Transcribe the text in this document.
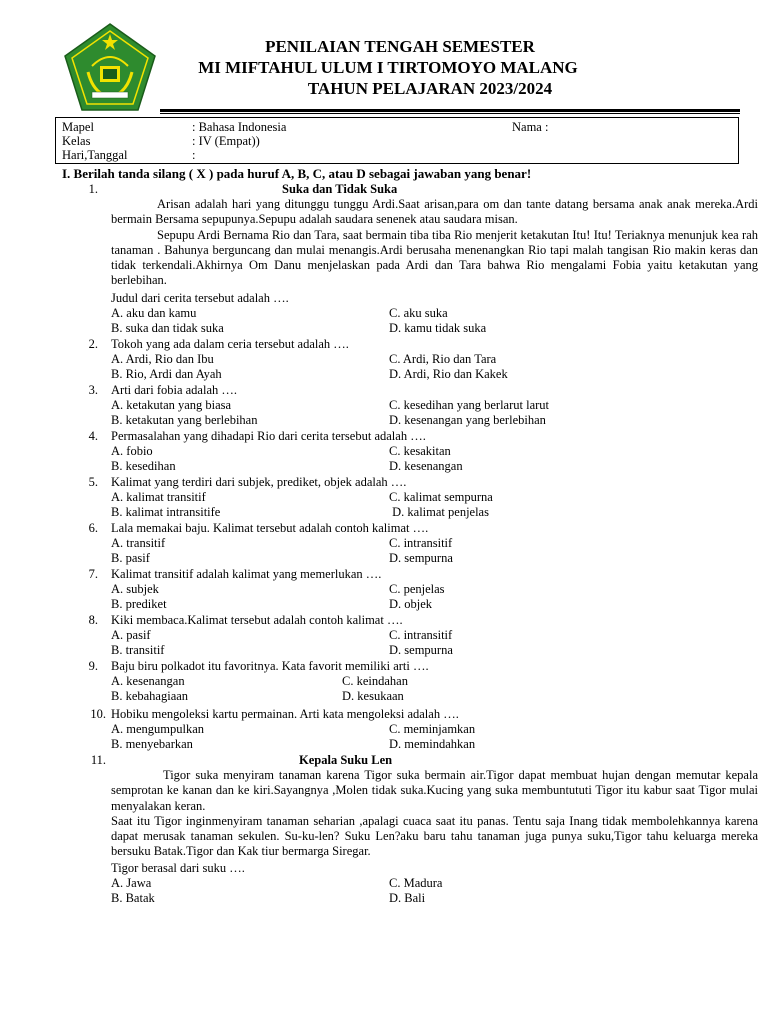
PENILAIAN TENGAH SEMESTER
MI MIFTAHUL ULUM I TIRTOMOYO MALANG
TAHUN PELAJARAN 2023/2024
Mapel	: Bahasa Indonesia	Nama :
Kelas	: IV (Empat))
Hari,Tanggal	:
I. Berilah tanda silang ( X ) pada huruf A, B, C, atau D sebagai jawaban yang benar!
1.	Suka dan Tidak Suka

Arisan adalah hari yang ditunggu tunggu Ardi.Saat arisan,para om dan tante datang bersama anak anak mereka.Ardi bermain Bersama sepupunya.Sepupu adalah saudara senenek atau saudara misan.

Sepupu Ardi Bernama Rio dan Tara, saat bermain tiba tiba Rio menjerit ketakutan Itu! Itu! Teriaknya menunjuk kea rah tanaman . Bahunya berguncang dan mulai menangis.Ardi berusaha menenangkan Rio tapi malah tangisan Rio makin keras dan tidak terkendali.Akhirnya Om Danu menjelaskan pada Ardi dan Tara bahwa Rio mengalami Fobia yaitu ketakutan yang berlebihan.

Judul dari cerita tersebut adalah ….
A. aku dan kamu	C. aku suka
B. suka dan tidak suka	D. kamu tidak suka
2. Tokoh yang ada dalam ceria tersebut adalah ….
A. Ardi, Rio dan Ibu	C. Ardi, Rio dan Tara
B. Rio, Ardi dan Ayah	D. Ardi, Rio dan Kakek
3. Arti dari fobia adalah ….
A. ketakutan yang biasa	C. kesedihan yang berlarut larut
B. ketakutan yang berlebihan	D. kesenangan yang berlebihan
4. Permasalahan yang dihadapi Rio dari cerita tersebut adalah ….
A. fobio	C. kesakitan
B. kesedihan	D. kesenangan
5. Kalimat yang terdiri dari subjek, prediket, objek adalah ….
A. kalimat transitif	C. kalimat sempurna
B. kalimat intransitife	D. kalimat penjelas
6. Lala memakai baju. Kalimat tersebut adalah contoh kalimat ….
A. transitif	C. intransitif
B. pasif	D. sempurna
7. Kalimat transitif adalah kalimat yang memerlukan ….
A. subjek	C. penjelas
B. prediket	D. objek
8. Kiki membaca.Kalimat tersebut adalah contoh kalimat ….
A. pasif	C. intransitif
B. transitif	D. sempurna
9. Baju biru polkadot itu favoritnya. Kata favorit memiliki arti ….
A. kesenangan	C. keindahan
B. kebahagiaan	D. kesukaan
10. Hobiku mengoleksi kartu permainan. Arti kata mengoleksi adalah ….
A. mengumpulkan	C. meminjamkan
B. menyebarkan	D. memindahkan
11.	Kepala Suku Len

Tigor suka menyiram tanaman karena Tigor suka bermain air.Tigor dapat membuat hujan dengan memutar kepala semprotan ke kanan dan ke kiri.Sayangnya ,Molen tidak suka.Kucing yang suka membuntututi Tigor itu kabur saat Tigor mulai menyalakan keran.

Saat itu Tigor inginmenyiram tanaman seharian ,apalagi cuaca saat itu panas. Tentu saja Inang tidak membolehkannya karena dapat merusak tanaman sekulen. Su-ku-len? Suku Len?aku baru tahu tanaman juga punya suku,Tigor tahu keluarga mereka bersuku Batak.Tigor dan Kak tiur bermarga Siregar.

Tigor berasal dari suku ….
A. Jawa	C. Madura
B. Batak	D. Bali
